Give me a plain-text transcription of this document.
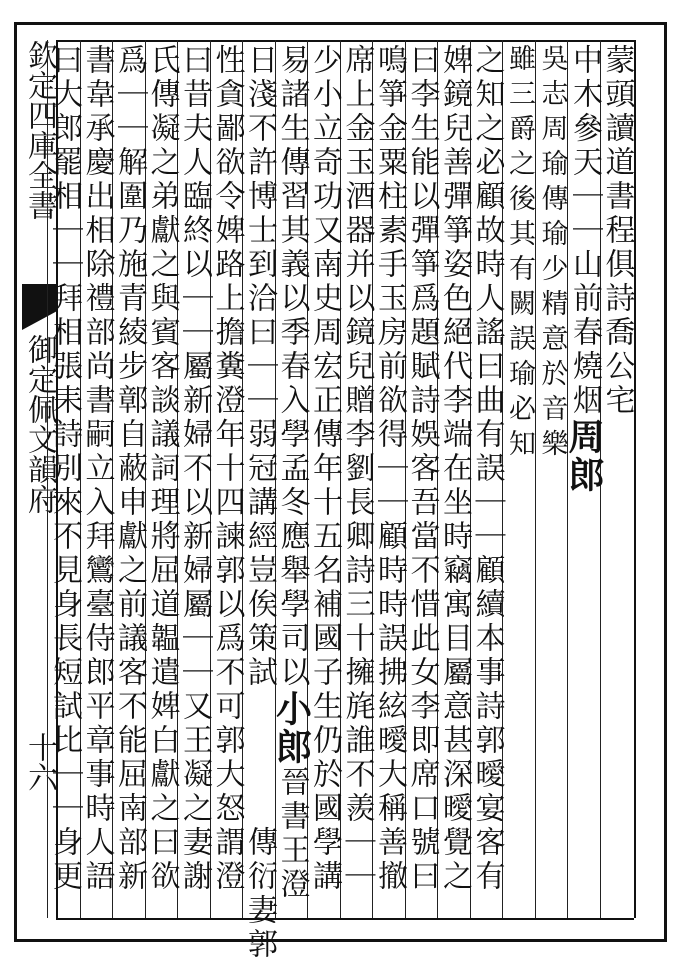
欽定四庫全書
御定佩文韻府
十六
蒙頭讀道書程俱詩喬公宅
中木參天｜｜山前春燒烟周郎
吳志周瑜傳瑜少精意於音樂
雖三爵之後其有闕誤瑜必知
之知之必顧故時人謠曰曲有誤｜｜顧續本事詩郭曖宴客有
婢鏡兒善彈箏姿色絕代李端在坐時竊寓目屬意甚深曖覺之
曰李生能以彈箏爲題賦詩娛客吾當不惜此女李即席口號曰
鳴箏金粟柱素手玉房前欲得｜｜顧時時誤拂絃曖大稱善撤
席上金玉酒器并以鏡兒贈李劉長卿詩三十擁旄誰不羨｜｜
少小立奇功又南史周宏正傳年十五名補國子生仍於國學講
易諸生傳習其義以季春入學孟冬應舉學司以小郎晉書王澄
日淺不許博士到洽曰｜｜弱冠講經豈俟策試　　　　傳衍妻郭
性貪鄙欲令婢路上擔糞澄年十四諫郭以爲不可郭大怒謂澄
曰昔夫人臨終以｜｜屬新婦不以新婦屬｜｜又王凝之妻謝
氏傳凝之弟獻之與賓客談議詞理將屈道韞遣婢白獻之曰欲
爲｜｜解圍乃施青綾步鄣自蔽申獻之前議客不能屈南部新
書韋承慶出相除禮部尚書嗣立入拜鸞臺侍郎平章事時人語
曰大郎罷相｜｜拜相張耒詩別來不見身長短試比｜｜身更
